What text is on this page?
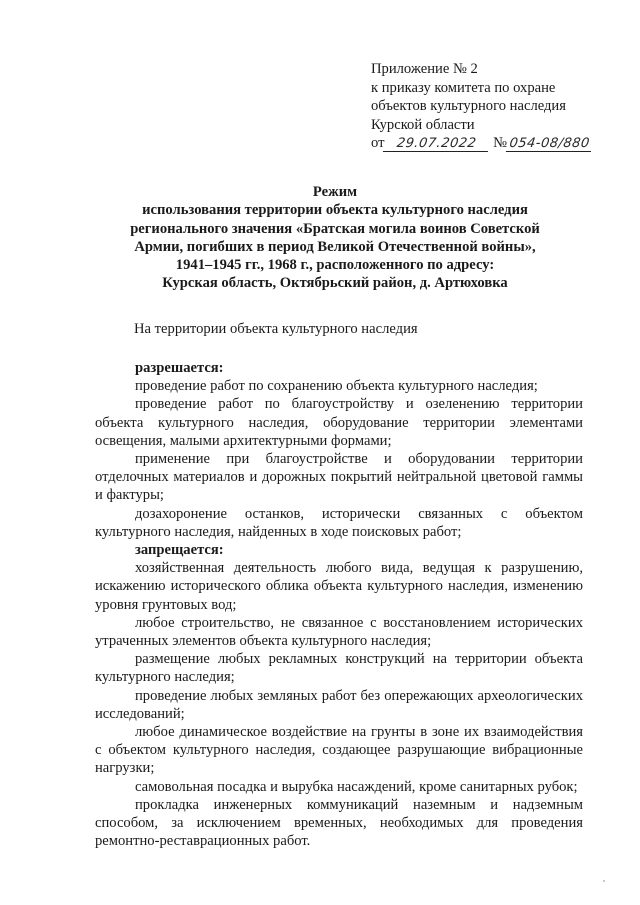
Приложение № 2
к приказу комитета по охране
объектов культурного наследия
Курской области
от 29.07.2022 №054-08/880
Режим
использования территории объекта культурного наследия
регионального значения «Братская могила воинов Советской
Армии, погибших в период Великой Отечественной войны»,
1941–1945 гг., 1968 г., расположенного по адресу:
Курская область, Октябрьский район, д. Артюховка
На территории объекта культурного наследия

разрешается:

проведение работ по сохранению объекта культурного наследия;

проведение работ по благоустройству и озеленению территории объекта культурного наследия, оборудование территории элементами освещения, малыми архитектурными формами;

применение при благоустройстве и оборудовании территории отделочных материалов и дорожных покрытий нейтральной цветовой гаммы и фактуры;

дозахоронение останков, исторически связанных с объектом культурного наследия, найденных в ходе поисковых работ;

запрещается:

хозяйственная деятельность любого вида, ведущая к разрушению, искажению исторического облика объекта культурного наследия, изменению уровня грунтовых вод;

любое строительство, не связанное с восстановлением исторических утраченных элементов объекта культурного наследия;

размещение любых рекламных конструкций на территории объекта культурного наследия;

проведение любых земляных работ без опережающих археологических исследований;

любое динамическое воздействие на грунты в зоне их взаимодействия с объектом культурного наследия, создающее разрушающие вибрационные нагрузки;

самовольная посадка и вырубка насаждений, кроме санитарных рубок;

прокладка инженерных коммуникаций наземным и надземным способом, за исключением временных, необходимых для проведения ремонтно-реставрационных работ.
